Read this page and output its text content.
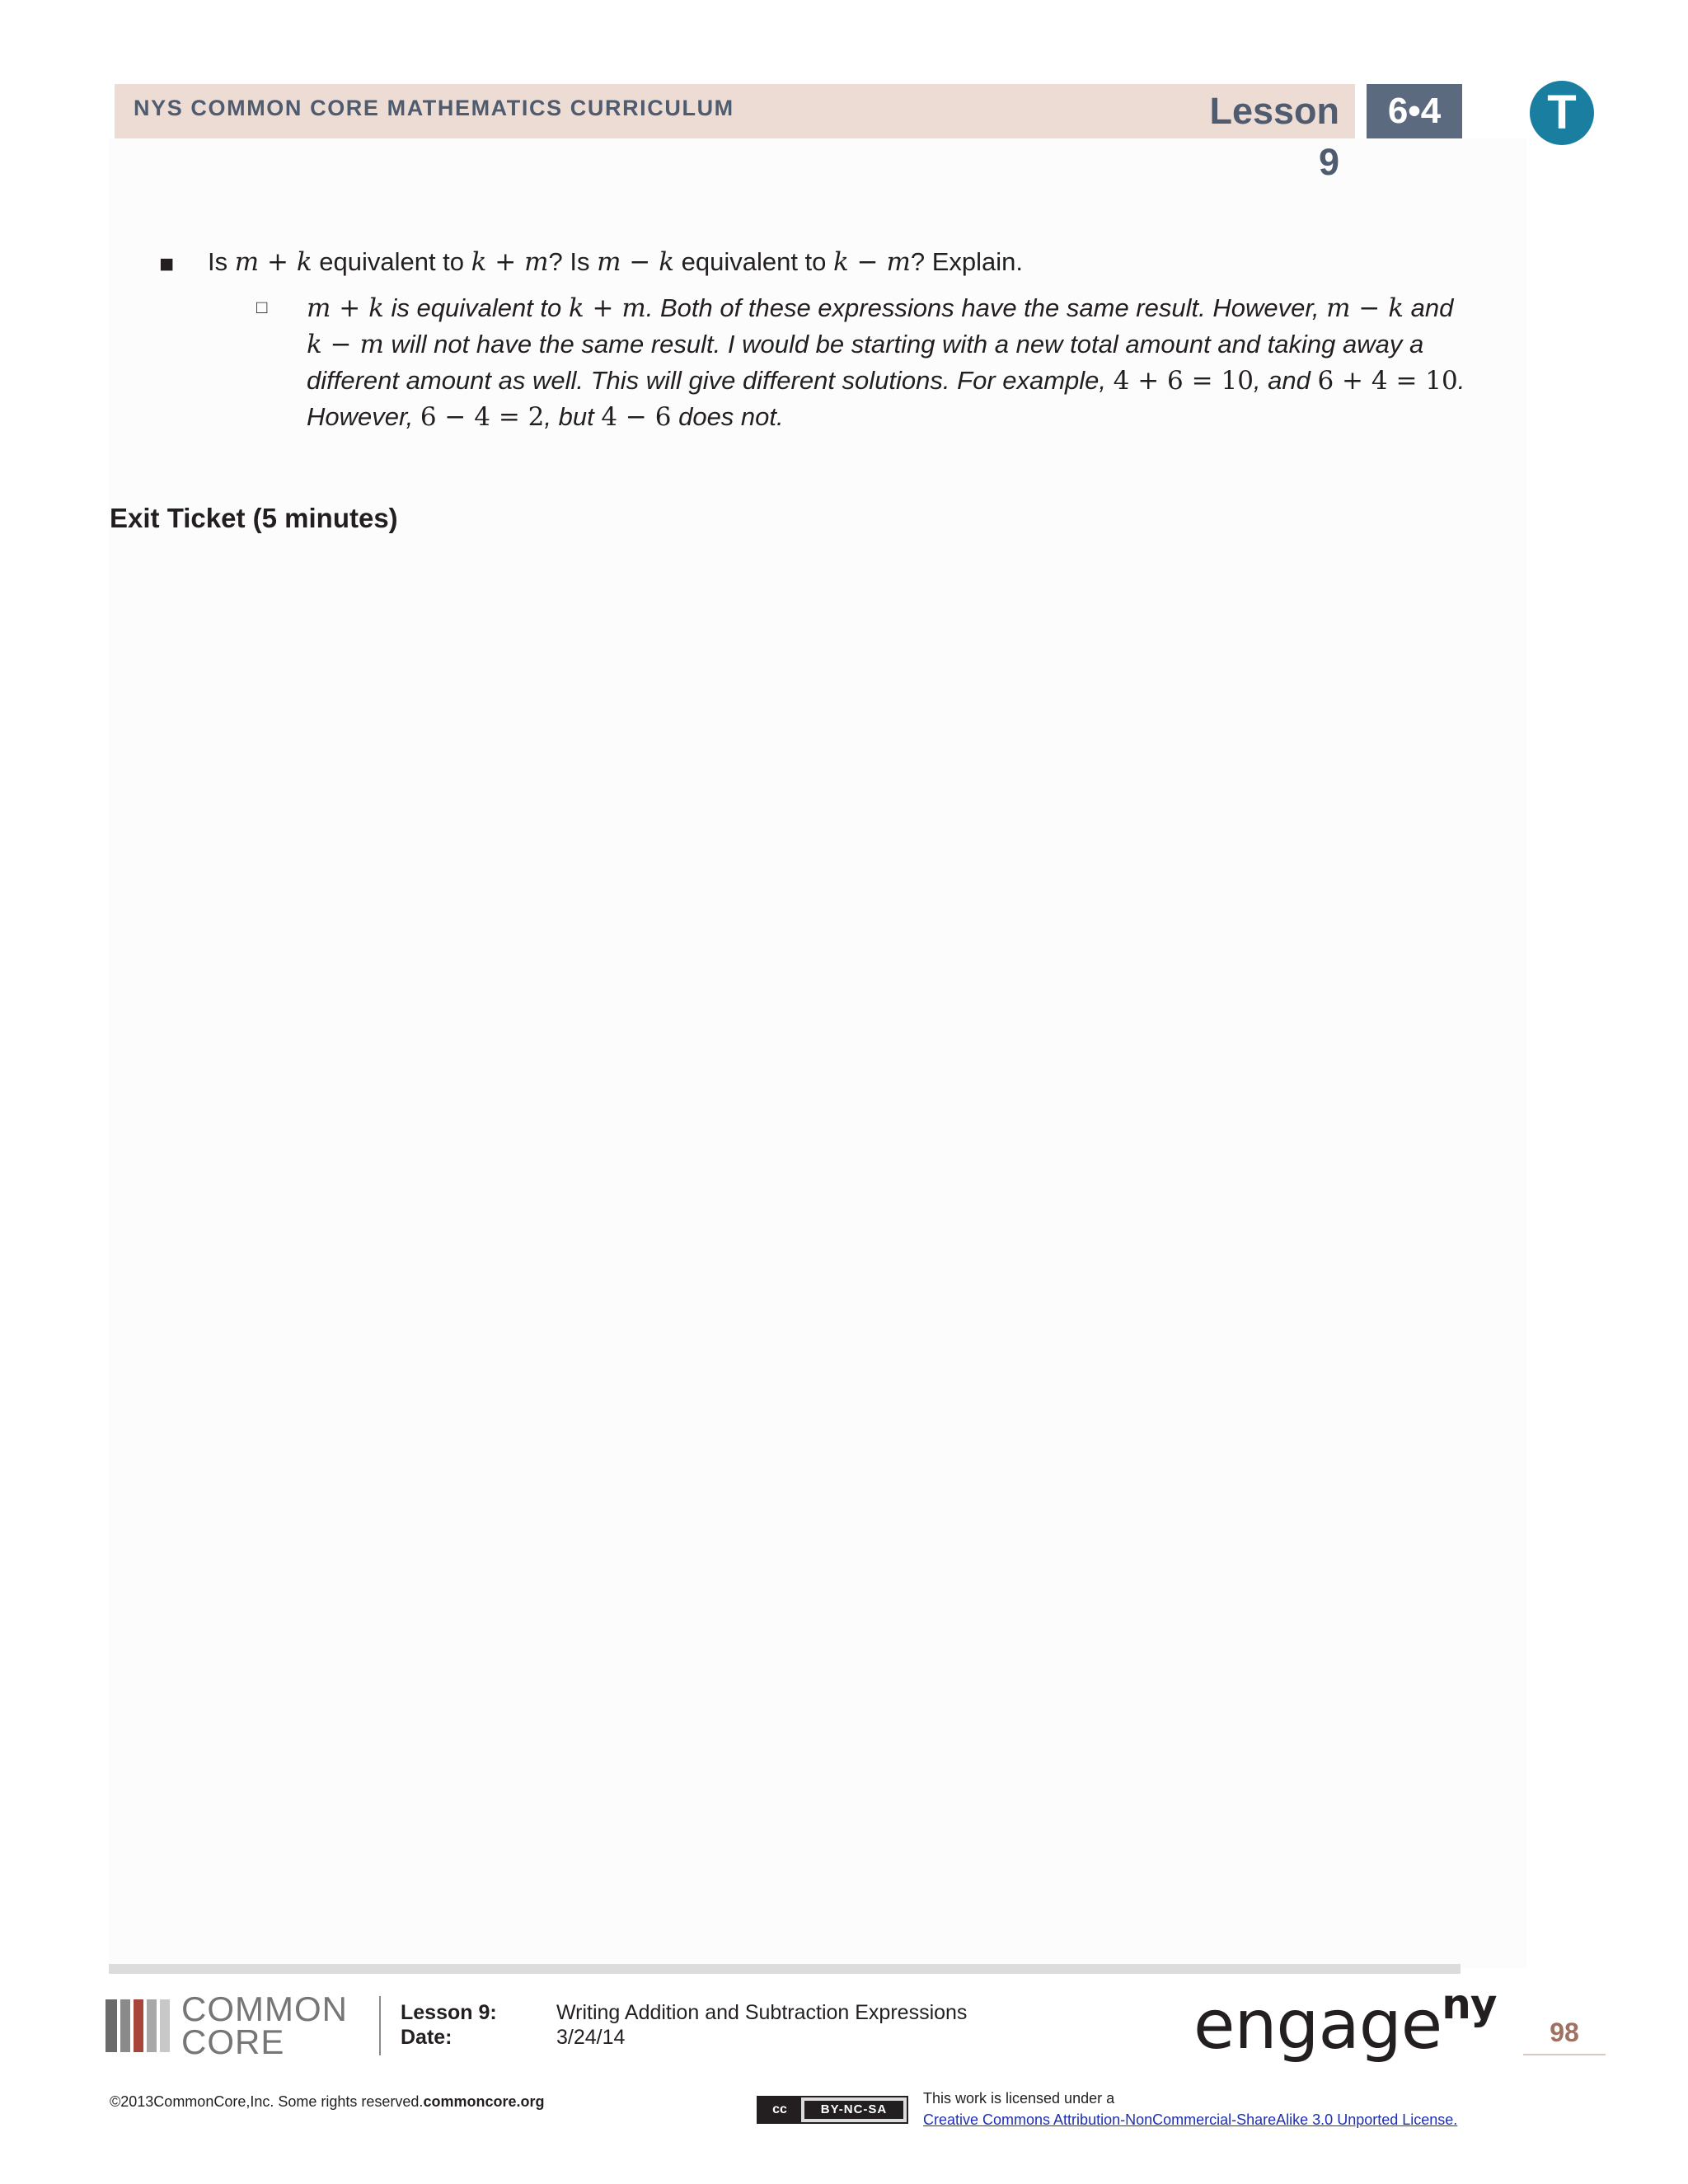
NYS COMMON CORE MATHEMATICS CURRICULUM	Lesson 9
6•4	T
■ Is m + k equivalent to k + m? Is m − k equivalent to k − m? Explain.
□ m + k is equivalent to k + m. Both of these expressions have the same result. However, m − k and
k − m will not have the same result. I would be starting with a new total amount and taking away a
different amount as well. This will give different solutions. For example, 4 + 6 = 10, and 6 + 4 = 10.
However, 6 − 4 = 2, but 4 − 6 does not.
Exit Ticket (5 minutes)
COMMON
CORE
Lesson 9:	Writing Addition and Subtraction Expressions
Date:	3/24/14	engage$^{ny}$
98
©2013CommonCore,Inc. Some rights reserved.commoncore.org	cc	BY-NC-SA
This work is licensed under a
Creative Commons Attribution-NonCommercial-ShareAlike 3.0 Unported License.
